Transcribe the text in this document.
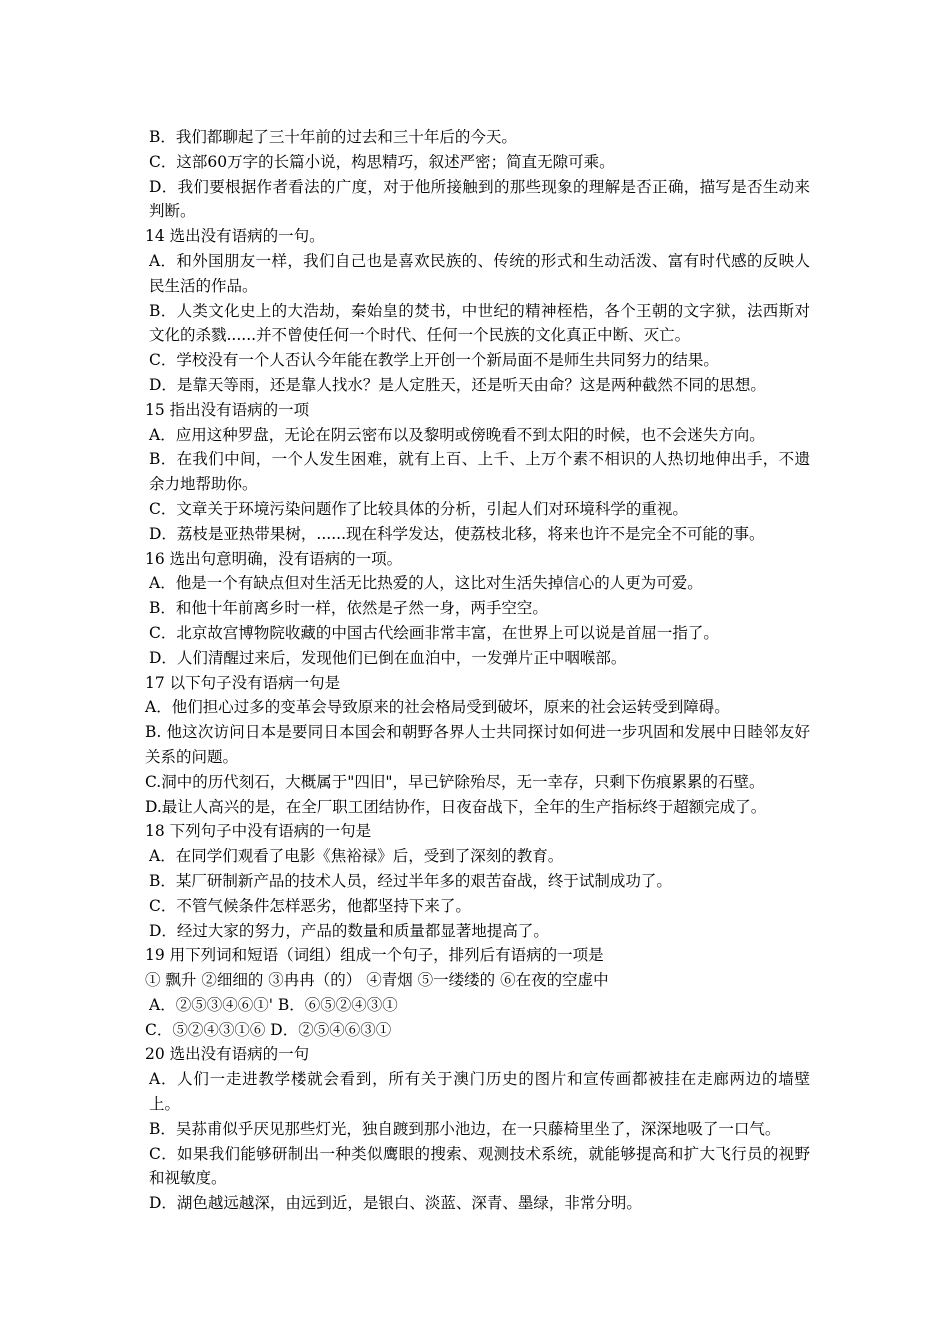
B．我们都聊起了三十年前的过去和三十年后的今天。

C．这部60万字的长篇小说，构思精巧，叙述严密；简直无隙可乘。

D．我们要根据作者看法的广度，对于他所接触到的那些现象的理解是否正确，描写是否生动来判断。

14 选出没有语病的一句。

A．和外国朋友一样，我们自己也是喜欢民族的、传统的形式和生动活泼、富有时代感的反映人民生活的作品。

B．人类文化史上的大浩劫，秦始皇的焚书，中世纪的精神桎梏，各个王朝的文字狱，法西斯对文化的杀戮......并不曾使任何一个时代、任何一个民族的文化真正中断、灭亡。

C．学校没有一个人否认今年能在教学上开创一个新局面不是师生共同努力的结果。

D．是靠天等雨，还是靠人找水？是人定胜天，还是听天由命？这是两种截然不同的思想。

15 指出没有语病的一项

A．应用这种罗盘，无论在阴云密布以及黎明或傍晚看不到太阳的时候，也不会迷失方向。

B．在我们中间，一个人发生困难，就有上百、上千、上万个素不相识的人热切地伸出手，不遗余力地帮助你。

C．文章关于环境污染问题作了比较具体的分析，引起人们对环境科学的重视。

D．荔枝是亚热带果树，......现在科学发达，使荔枝北移，将来也许不是完全不可能的事。

16 选出句意明确，没有语病的一项。

A．他是一个有缺点但对生活无比热爱的人，这比对生活失掉信心的人更为可爱。

B．和他十年前离乡时一样，依然是孑然一身，两手空空。

C．北京故宫博物院收藏的中国古代绘画非常丰富，在世界上可以说是首屈一指了。

D．人们清醒过来后，发现他们已倒在血泊中，一发弹片正中咽喉部。

17 以下句子没有语病一句是

A．他们担心过多的变革会导致原来的社会格局受到破坏，原来的社会运转受到障碍。

B. 他这次访问日本是要同日本国会和朝野各界人士共同探讨如何进一步巩固和发展中日睦邻友好关系的问题。

C.洞中的历代刻石，大概属于"四旧"，早已铲除殆尽，无一幸存，只剩下伤痕累累的石壁。

D.最让人高兴的是，在全厂职工团结协作，日夜奋战下，全年的生产指标终于超额完成了。

18 下列句子中没有语病的一句是

A．在同学们观看了电影《焦裕禄》后，受到了深刻的教育。

B．某厂研制新产品的技术人员，经过半年多的艰苦奋战，终于试制成功了。

C．不管气候条件怎样恶劣，他都坚持下来了。

D．经过大家的努力，产品的数量和质量都显著地提高了。

19 用下列词和短语（词组）组成一个句子，排列后有语病的一项是

① 飘升 ②细细的 ③冉冉（的） ④青烟 ⑤一缕缕的 ⑥在夜的空虚中

A．②⑤③④⑥①' B．⑥⑤②④③①

C．⑤②④③①⑥ D．②⑤④⑥③①

20 选出没有语病的一句

A．人们一走进教学楼就会看到，所有关于澳门历史的图片和宣传画都被挂在走廊两边的墙壁上。

B．吴荪甫似乎厌见那些灯光，独自踱到那小池边，在一只藤椅里坐了，深深地吸了一口气。

C．如果我们能够研制出一种类似鹰眼的搜索、观测技术系统，就能够提高和扩大飞行员的视野和视敏度。

D．湖色越远越深，由远到近，是银白、淡蓝、深青、墨绿，非常分明。
